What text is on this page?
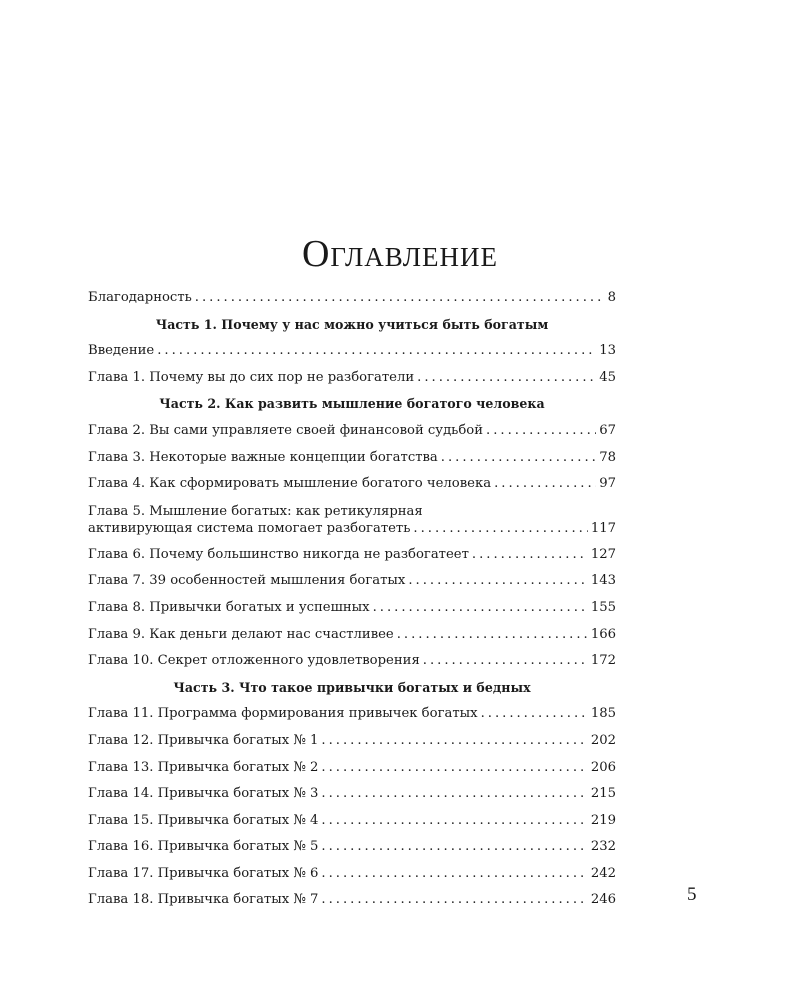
Оглавление
Благодарность . . .	8
Часть 1. Почему у нас можно учиться быть богатым
Введение . . .	13
Глава 1. Почему вы до сих пор не разбогатели . . .	45
Часть 2. Как развить мышление богатого человека
Глава 2. Вы сами управляете своей финансовой судьбой . . .	67
Глава 3. Некоторые важные концепции богатства . . .	78
Глава 4. Как сформировать мышление богатого человека . . .	97
Глава 5. Мышление богатых: как ретикулярная
активирующая система помогает разбогатеть . . .	117
Глава 6. Почему большинство никогда не разбогатеет . . .	127
Глава 7. 39 особенностей мышления богатых . . .	143
Глава 8. Привычки богатых и успешных . . .	155
Глава 9. Как деньги делают нас счастливее . . .	166
Глава 10. Секрет отложенного удовлетворения . . .	172
Часть 3. Что такое привычки богатых и бедных
Глава 11. Программа формирования привычек богатых . . .	185
Глава 12. Привычка богатых № 1 . . .	202
Глава 13. Привычка богатых № 2 . . .	206
Глава 14. Привычка богатых № 3 . . .	215
Глава 15. Привычка богатых № 4 . . .	219
Глава 16. Привычка богатых № 5 . . .	232
Глава 17. Привычка богатых № 6 . . .	242
Глава 18. Привычка богатых № 7 . . .	246	5
